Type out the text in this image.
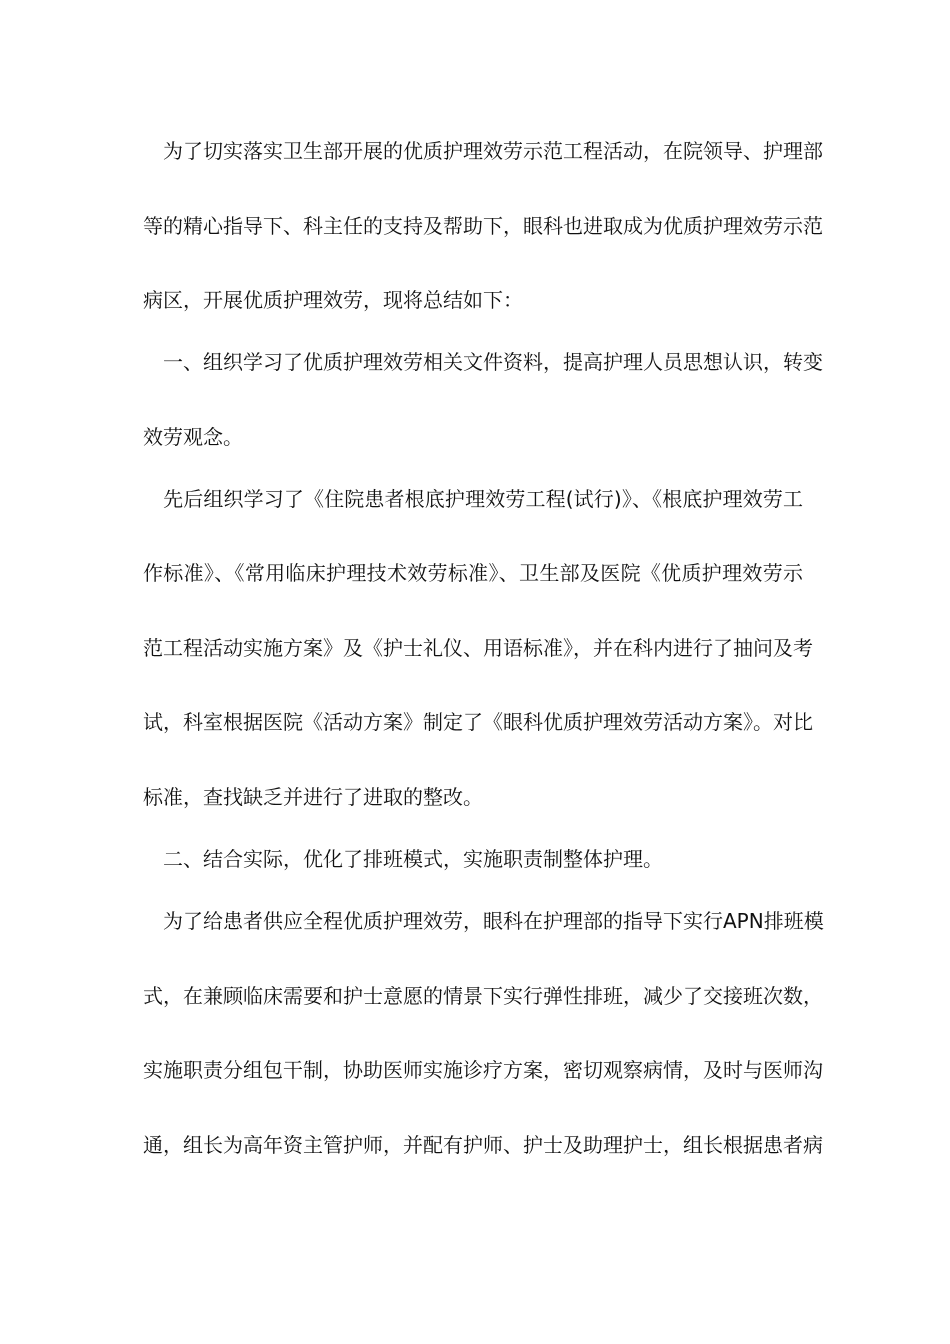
　为了切实落实卫生部开展的优质护理效劳示范工程活动，在院领导、护理部
等的精心指导下、科主任的支持及帮助下，眼科也进取成为优质护理效劳示范
病区，开展优质护理效劳，现将总结如下：
　一、组织学习了优质护理效劳相关文件资料，提高护理人员思想认识，转变
效劳观念。
　先后组织学习了《住院患者根底护理效劳工程(试行)》、《根底护理效劳工
作标准》、《常用临床护理技术效劳标准》、卫生部及医院《优质护理效劳示
范工程活动实施方案》及《护士礼仪、用语标准》，并在科内进行了抽问及考
试，科室根据医院《活动方案》制定了《眼科优质护理效劳活动方案》。对比
标准，查找缺乏并进行了进取的整改。
　二、结合实际，优化了排班模式，实施职责制整体护理。
　为了给患者供应全程优质护理效劳，眼科在护理部的指导下实行APN排班模
式，在兼顾临床需要和护士意愿的情景下实行弹性排班，减少了交接班次数，
实施职责分组包干制，协助医师实施诊疗方案，密切观察病情，及时与医师沟
通，组长为高年资主管护师，并配有护师、护士及助理护士，组长根据患者病
